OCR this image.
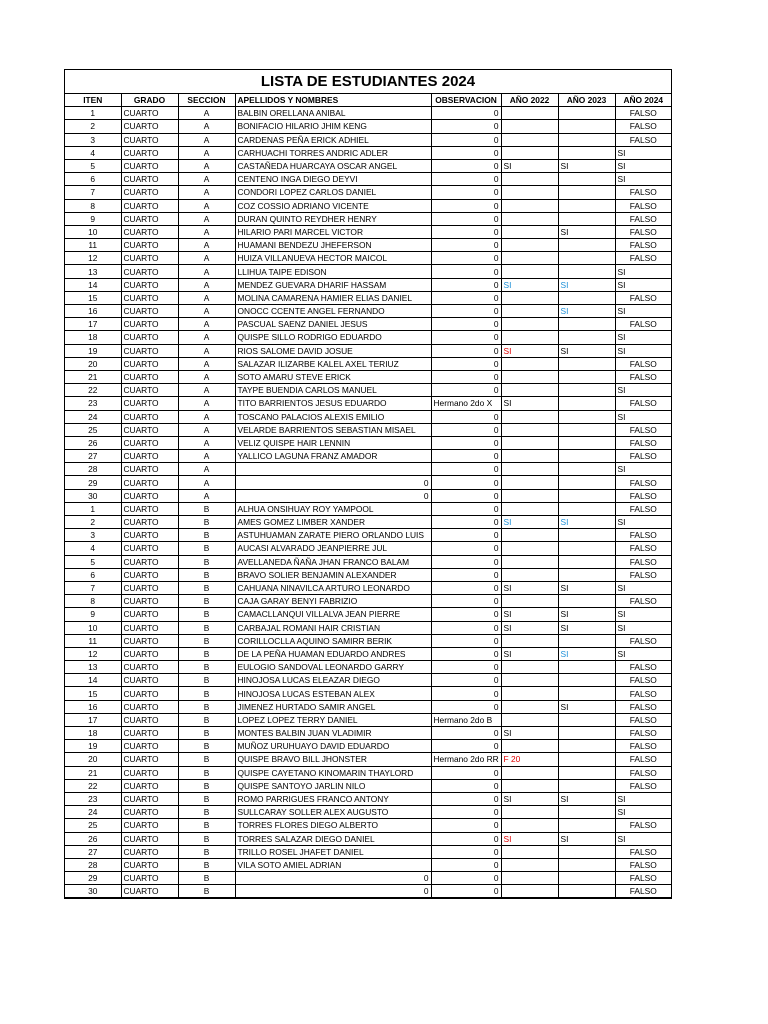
LISTA DE ESTUDIANTES 2024
ITEN	GRADO	SECCION	APELLIDOS Y NOMBRES	OBSERVACION	AÑO 2022	AÑO 2023	AÑO 2024
1	CUARTO	A	BALBIN ORELLANA ANIBAL	0			FALSO
2	CUARTO	A	BONIFACIO HILARIO JHIM KENG	0			FALSO
3	CUARTO	A	CARDENAS PEÑA ERICK ADHIEL	0			FALSO
4	CUARTO	A	CARHUACHI TORRES ANDRIC ADLER	0			SI
5	CUARTO	A	CASTAÑEDA HUARCAYA OSCAR ANGEL	0	SI	SI	SI
6	CUARTO	A	CENTENO INGA DIEGO DEYVI	0			SI
7	CUARTO	A	CONDORI LOPEZ CARLOS DANIEL	0			FALSO
8	CUARTO	A	COZ COSSIO ADRIANO VICENTE	0			FALSO
9	CUARTO	A	DURAN QUINTO REYDHER HENRY	0			FALSO
10	CUARTO	A	HILARIO PARI MARCEL VICTOR	0		SI	FALSO
11	CUARTO	A	HUAMANI BENDEZU JHEFERSON	0			FALSO
12	CUARTO	A	HUIZA VILLANUEVA HECTOR MAICOL	0			FALSO
13	CUARTO	A	LLIHUA TAIPE EDISON	0			SI
14	CUARTO	A	MENDEZ GUEVARA DHARIF HASSAM	0	SI	SI	SI
15	CUARTO	A	MOLINA CAMARENA HAMIER ELIAS DANIEL	0			FALSO
16	CUARTO	A	ONOCC CCENTE ANGEL FERNANDO	0		SI	SI
17	CUARTO	A	PASCUAL SAENZ DANIEL JESUS	0			FALSO
18	CUARTO	A	QUISPE SILLO RODRIGO EDUARDO	0			SI
19	CUARTO	A	RIOS SALOME DAVID JOSUE	0	SI	SI	SI
20	CUARTO	A	SALAZAR ILIZARBE KALEL AXEL TERIUZ	0			FALSO
21	CUARTO	A	SOTO AMARU STEVE ERICK	0			FALSO
22	CUARTO	A	TAYPE BUENDIA CARLOS MANUEL	0			SI
23	CUARTO	A	TITO BARRIENTOS JESUS EDUARDO	Hermano 2do X	SI		FALSO
24	CUARTO	A	TOSCANO PALACIOS ALEXIS EMILIO	0			SI
25	CUARTO	A	VELARDE BARRIENTOS SEBASTIAN MISAEL	0			FALSO
26	CUARTO	A	VELIZ QUISPE HAIR LENNIN	0			FALSO
27	CUARTO	A	YALLICO LAGUNA FRANZ AMADOR	0			FALSO
28	CUARTO	A		0			SI
29	CUARTO	A	0	0			FALSO
30	CUARTO	A	0	0			FALSO
1	CUARTO	B	ALHUA ONSIHUAY ROY YAMPOOL	0			FALSO
2	CUARTO	B	AMES GOMEZ LIMBER XANDER	0	SI	SI	SI
3	CUARTO	B	ASTUHUAMAN ZARATE PIERO ORLANDO LUIS	0			FALSO
4	CUARTO	B	AUCASI ALVARADO JEANPIERRE JUL	0			FALSO
5	CUARTO	B	AVELLANEDA ÑAÑA JHAN FRANCO BALAM	0			FALSO
6	CUARTO	B	BRAVO SOLIER BENJAMIN ALEXANDER	0			FALSO
7	CUARTO	B	CAHUANA NINAVILCA ARTURO LEONARDO	0	SI	SI	SI
8	CUARTO	B	CAJA GARAY BENYI FABRIZIO	0			FALSO
9	CUARTO	B	CAMACLLANQUI VILLALVA JEAN PIERRE	0	SI	SI	SI
10	CUARTO	B	CARBAJAL ROMANI HAIR CRISTIAN	0	SI	SI	SI
11	CUARTO	B	CORILLOCLLA AQUINO SAMIRR BERIK	0			FALSO
12	CUARTO	B	DE LA PEÑA HUAMAN EDUARDO ANDRES	0	SI	SI	SI
13	CUARTO	B	EULOGIO SANDOVAL LEONARDO GARRY	0			FALSO
14	CUARTO	B	HINOJOSA LUCAS ELEAZAR DIEGO	0			FALSO
15	CUARTO	B	HINOJOSA LUCAS ESTEBAN ALEX	0			FALSO
16	CUARTO	B	JIMENEZ HURTADO SAMIR ANGEL	0		SI	FALSO
17	CUARTO	B	LOPEZ LOPEZ TERRY DANIEL	Hermano 2do B			FALSO
18	CUARTO	B	MONTES BALBIN JUAN VLADIMIR	0	SI		FALSO
19	CUARTO	B	MUÑOZ URUHUAYO DAVID EDUARDO	0			FALSO
20	CUARTO	B	QUISPE BRAVO BILL JHONSTER	Hermano 2do RR	F 20		FALSO
21	CUARTO	B	QUISPE CAYETANO KINOMARIN THAYLORD	0			FALSO
22	CUARTO	B	QUISPE SANTOYO JARLIN NILO	0			FALSO
23	CUARTO	B	ROMO PARRIGUES FRANCO ANTONY	0	SI	SI	SI
24	CUARTO	B	SULLCARAY SOLLER ALEX AUGUSTO	0			SI
25	CUARTO	B	TORRES FLORES DIEGO ALBERTO	0			FALSO
26	CUARTO	B	TORRES SALAZAR DIEGO DANIEL	0	SI	SI	SI
27	CUARTO	B	TRILLO ROSEL JHAFET DANIEL	0			FALSO
28	CUARTO	B	VILA SOTO AMIEL ADRIAN	0			FALSO
29	CUARTO	B	0	0			FALSO
30	CUARTO	B	0	0			FALSO
